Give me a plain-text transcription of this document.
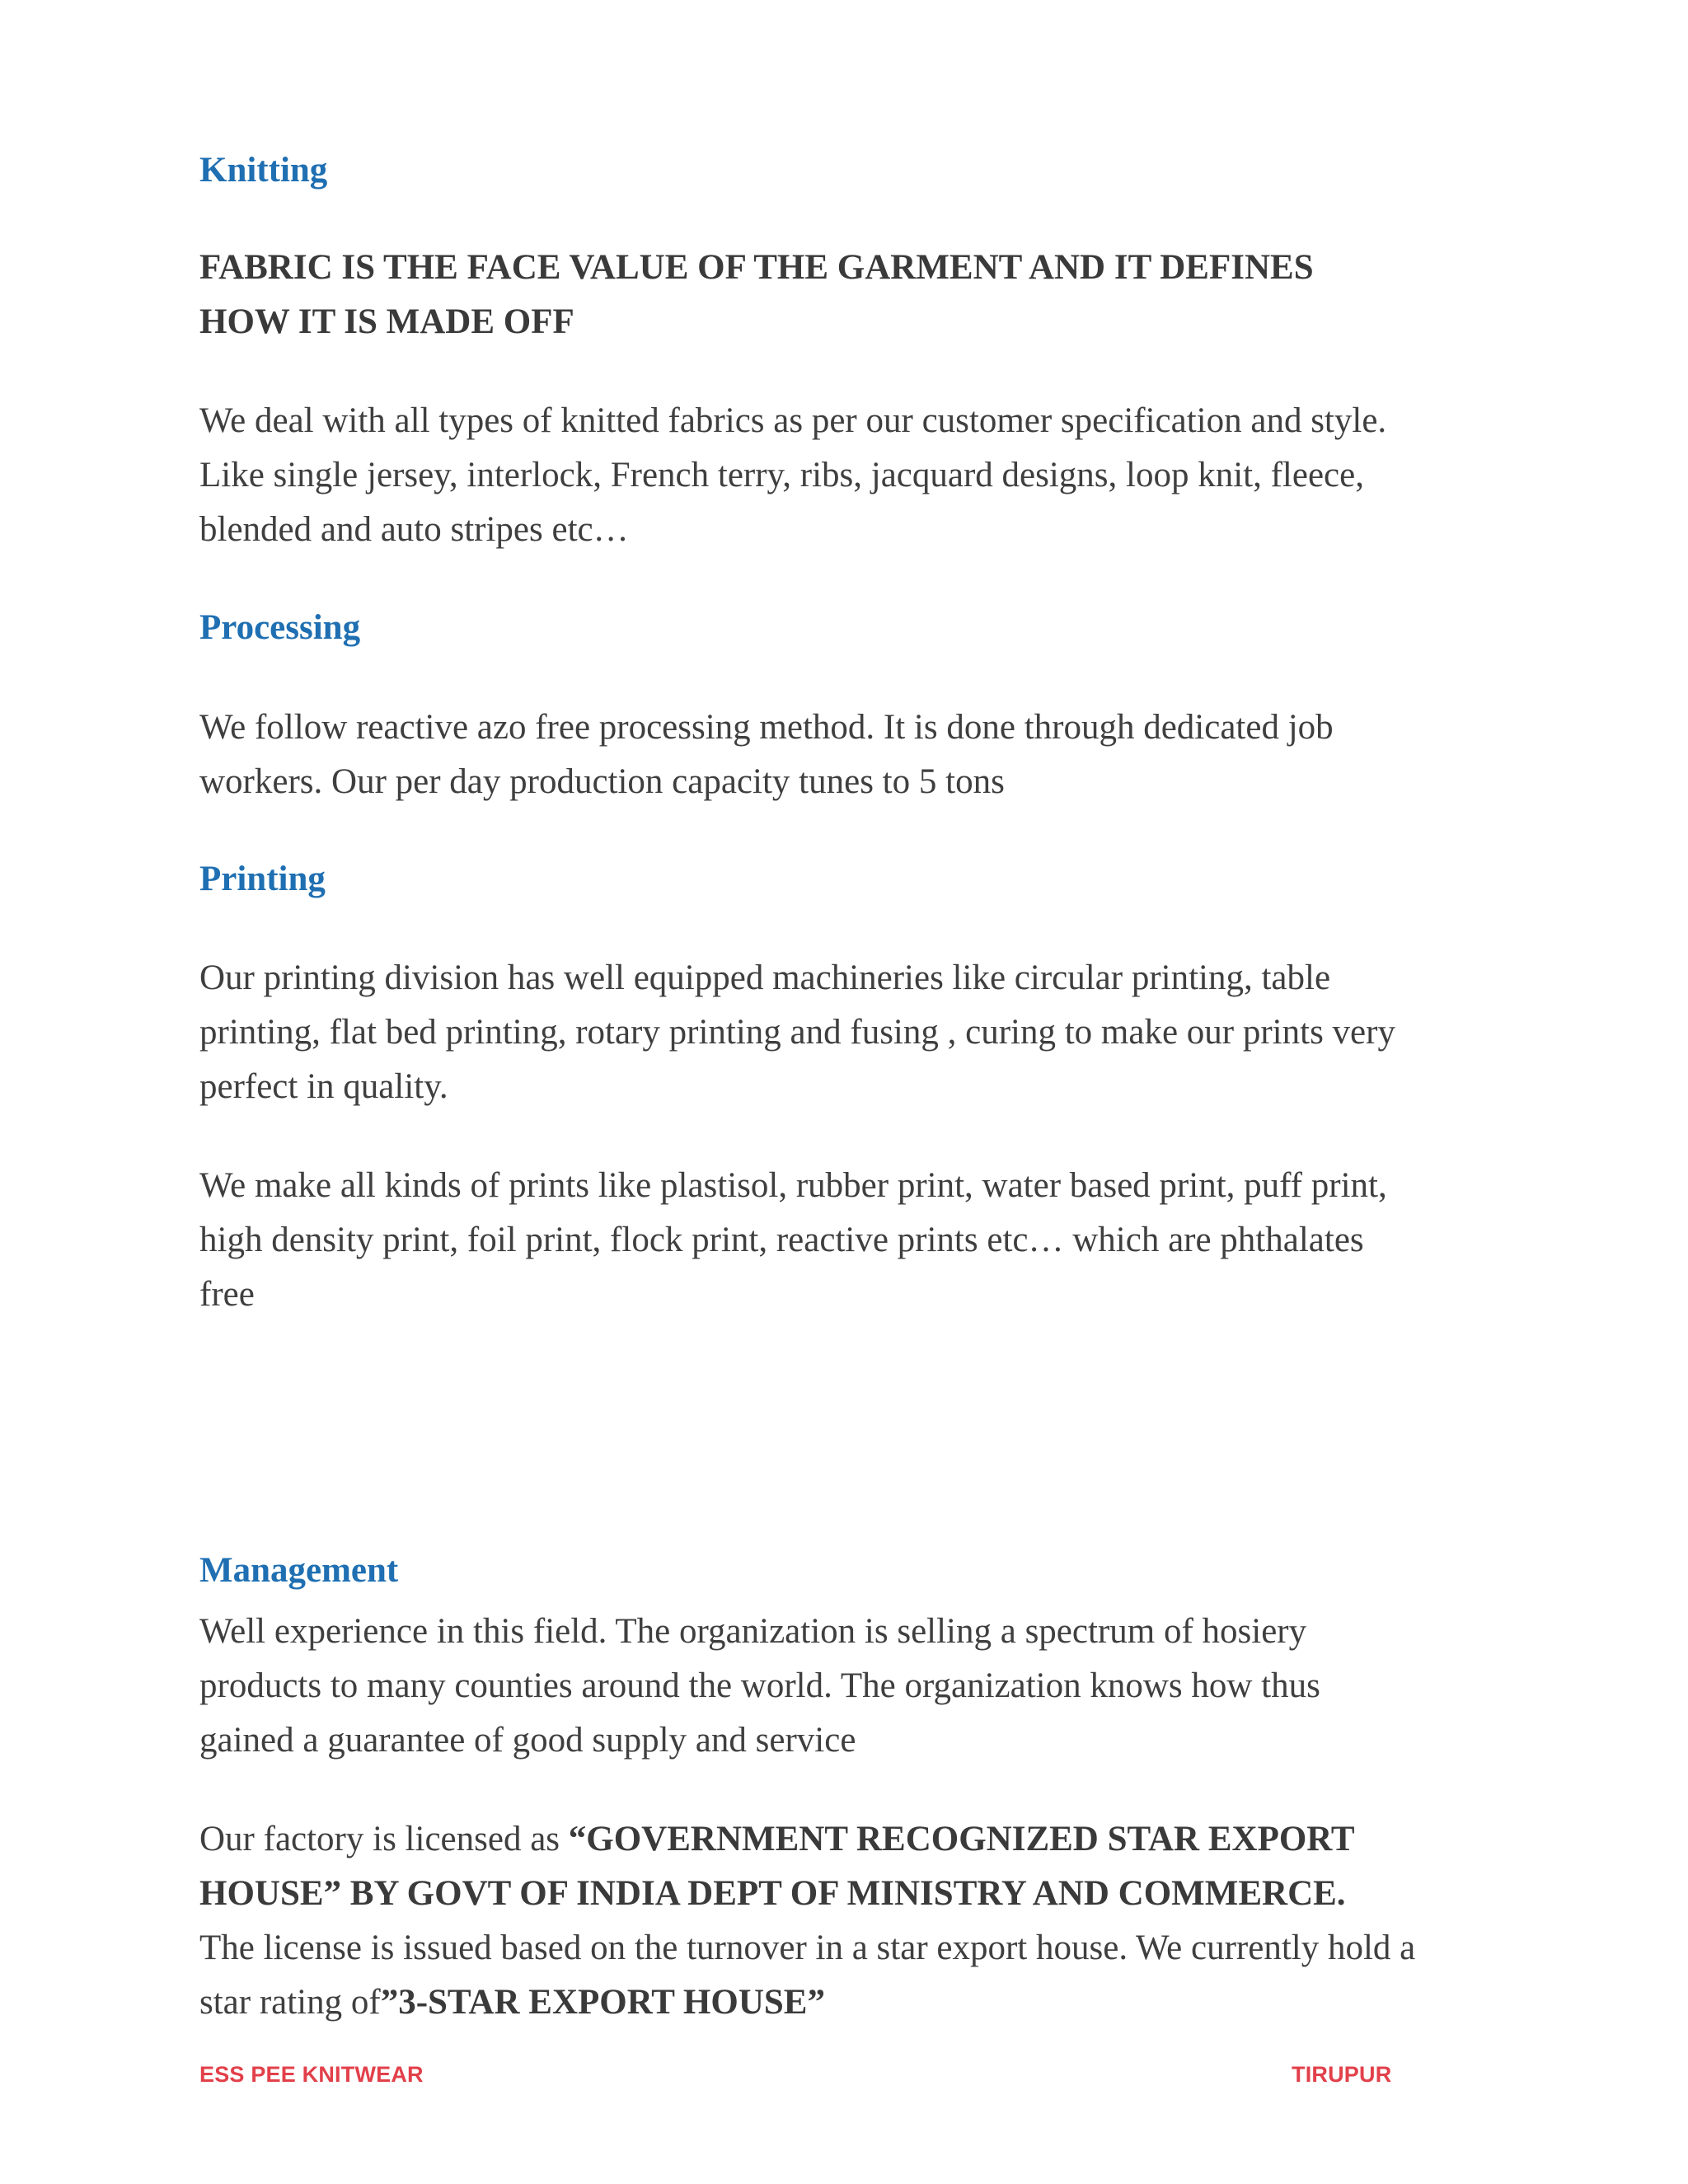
Knitting
FABRIC IS THE FACE VALUE OF THE GARMENT AND IT DEFINES
HOW IT IS MADE OFF
We deal with all types of knitted fabrics as per our customer specification and style.
Like single jersey, interlock, French terry, ribs, jacquard designs, loop knit, fleece,
blended and auto stripes etc…
Processing
We follow reactive azo free processing method. It is done through dedicated job
workers. Our per day production capacity tunes to 5 tons
Printing
Our printing division has well equipped machineries like circular printing, table
printing, flat bed printing, rotary printing and fusing , curing to make our prints very
perfect in quality.
We make all kinds of prints like plastisol, rubber print, water based print, puff print,
high density print, foil print, flock print, reactive prints etc… which are phthalates
free
Management
Well experience in this field. The organization is selling a spectrum of hosiery
products to many counties around the world. The organization knows how thus
gained a guarantee of good supply and service
Our factory is licensed as “GOVERNMENT RECOGNIZED STAR EXPORT
HOUSE” BY GOVT OF INDIA DEPT OF MINISTRY AND COMMERCE.
The license is issued based on the turnover in a star export house. We currently hold a
star rating of”3-STAR EXPORT HOUSE”
ESS PEE KNITWEAR	TIRUPUR
